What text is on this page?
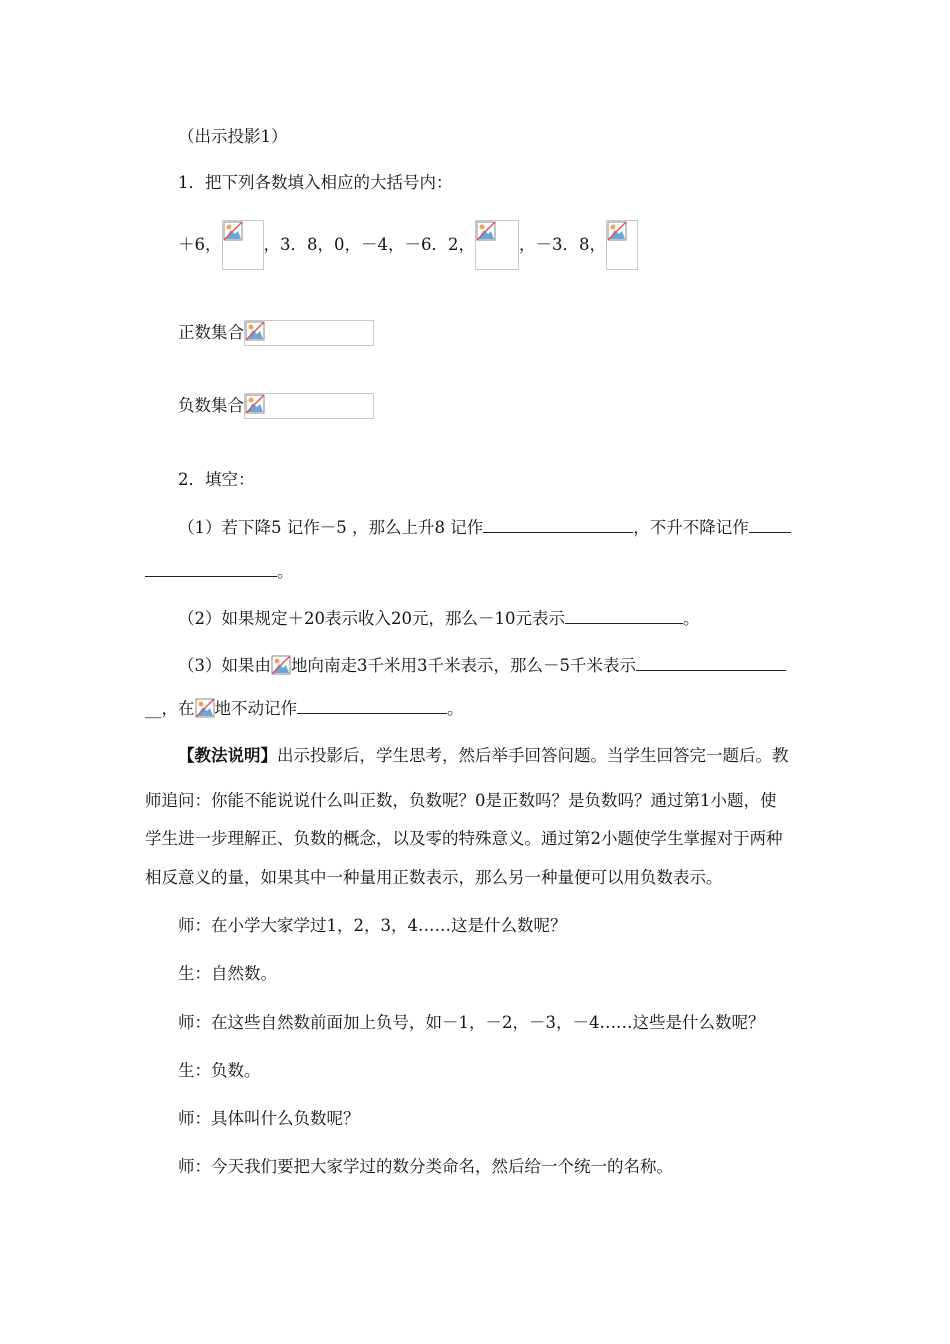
（出示投影1）
1．把下列各数填入相应的大括号内：
＋6，	，3．8，0，－4，－6．2，	，－3．8，
正数集合
负数集合
2．填空：
（1）若下降5 记作－5 ，那么上升8 记作	，不升不降记作
。
（2）如果规定＋20表示收入20元，那么－10元表示	。
（3）如果由 地向南走3千米用3千米表示，那么－5千米表示
__，在 地不动记作	。
【教法说明】出示投影后，学生思考，然后举手回答问题。当学生回答完一题后。教
师追问：你能不能说说什么叫正数，负数呢？0是正数吗？是负数吗？通过第1小题，使
学生进一步理解正、负数的概念，以及零的特殊意义。通过第2小题使学生掌握对于两种
相反意义的量，如果其中一种量用正数表示，那么另一种量便可以用负数表示。
师：在小学大家学过1，2，3，4……这是什么数呢？
生：自然数。
师：在这些自然数前面加上负号，如－1，－2，－3，－4……这些是什么数呢？
生：负数。
师：具体叫什么负数呢？
师：今天我们要把大家学过的数分类命名，然后给一个统一的名称。
